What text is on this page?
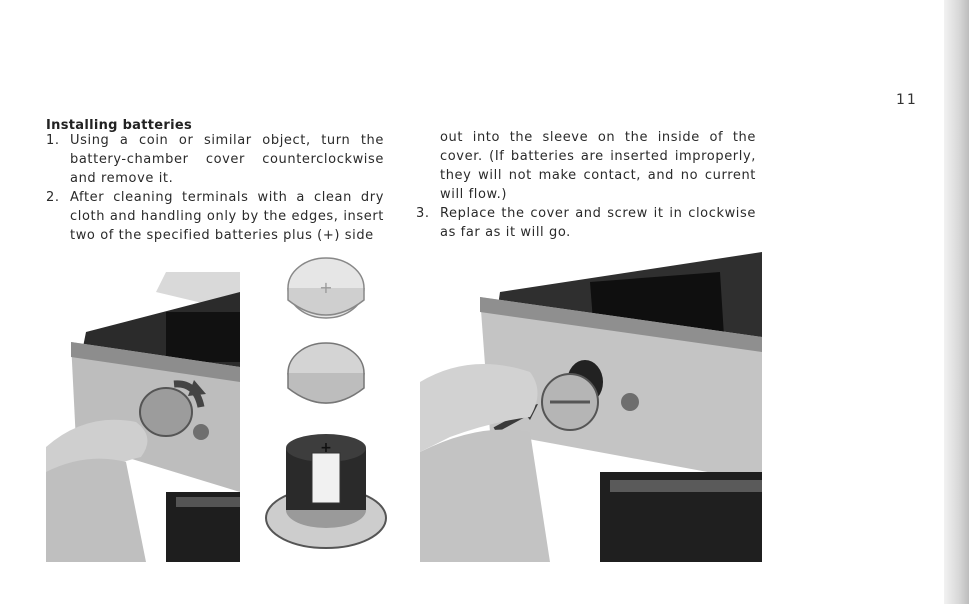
11
Installing batteries
1. Using a coin or similar object, turn the battery-chamber cover counterclockwise and remove it.
2. After cleaning terminals with a clean dry cloth and handling only by the edges, insert two of the specified batteries plus (+) side
out into the sleeve on the inside of the cover. (If batteries are inserted improperly, they will not make contact, and no current will flow.)
3. Replace the cover and screw it in clockwise as far as it will go.
+
+
